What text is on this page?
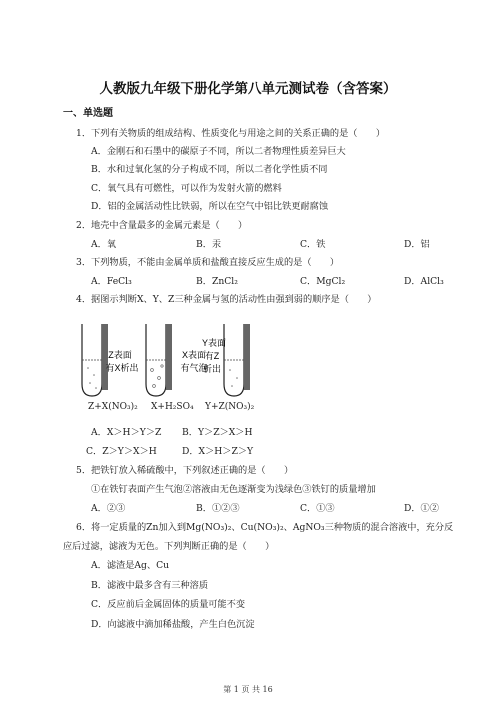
人教版九年级下册化学第八单元测试卷（含答案）
一、单选题
1．下列有关物质的组成结构、性质变化与用途之间的关系正确的是（　　）
A．金刚石和石墨中的碳原子不同，所以二者物理性质差异巨大
B．水和过氧化氢的分子构成不同，所以二者化学性质不同
C．氧气具有可燃性，可以作为发射火箭的燃料
D．铝的金属活动性比铁弱，所以在空气中铝比铁更耐腐蚀
2．地壳中含量最多的金属元素是（　　）
A．氧	B．汞	C．铁	D．铝
3．下列物质，不能由金属单质和盐酸直接反应生成的是（　　）
A．FeCl₃	B．ZnCl₂	C．MgCl₂	D．AlCl₃
4．据图示判断X、Y、Z三种金属与氢的活动性由强到弱的顺序是（　　）
Z表面
有X析出
X表面
有气泡
Y表面
有Z
析出
Z+X(NO₃)₂ X+H₂SO₄ Y+Z(NO₃)₂
A．X＞H＞Y＞Z B．Y＞Z＞X＞H
C．Z＞Y＞X＞H	D．X＞H＞Z＞Y
5．把铁钉放入稀硫酸中，下列叙述正确的是（　　）
①在铁钉表面产生气泡②溶液由无色逐渐变为浅绿色③铁钉的质量增加
A．②③	B．①②③	C．①③	D．①②
6．将一定质量的Zn加入到Mg(NO₃)₂、Cu(NO₃)₂、AgNO₃三种物质的混合溶液中，充分反
应后过滤，滤液为无色。下列判断正确的是（　　）
A．滤渣是Ag、Cu
B．滤液中最多含有三种溶质
C．反应前后金属固体的质量可能不变
D．向滤液中滴加稀盐酸，产生白色沉淀
第 1 页 共 16
